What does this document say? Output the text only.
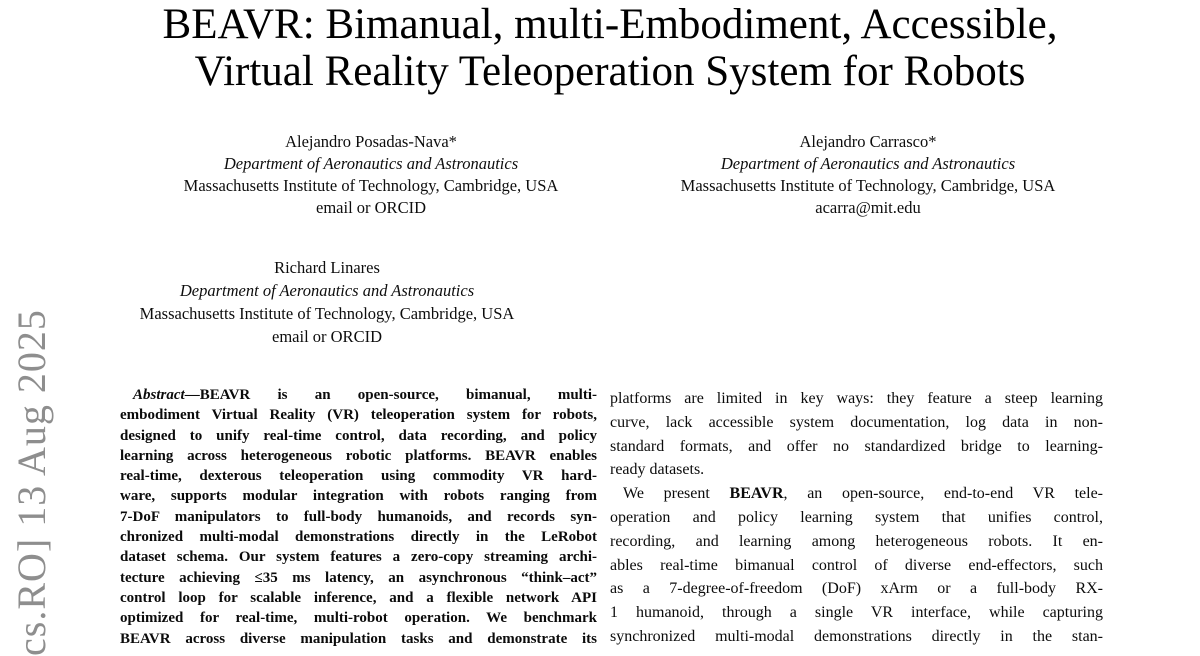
cs.RO] 13 Aug 2025
BEAVR: Bimanual, multi-Embodiment, Accessible,
Virtual Reality Teleoperation System for Robots
Alejandro Posadas-Nava*
Department of Aeronautics and Astronautics
Massachusetts Institute of Technology, Cambridge, USA
email or ORCID
Alejandro Carrasco*
Department of Aeronautics and Astronautics
Massachusetts Institute of Technology, Cambridge, USA
acarra@mit.edu
Richard Linares
Department of Aeronautics and Astronautics
Massachusetts Institute of Technology, Cambridge, USA
email or ORCID
Abstract—BEAVR is an open-source, bimanual, multi-
embodiment Virtual Reality (VR) teleoperation system for robots,
designed to unify real-time control, data recording, and policy
learning across heterogeneous robotic platforms. BEAVR enables
real-time, dexterous teleoperation using commodity VR hard-
ware, supports modular integration with robots ranging from
7-DoF manipulators to full-body humanoids, and records syn-
chronized multi-modal demonstrations directly in the LeRobot
dataset schema. Our system features a zero-copy streaming archi-
tecture achieving ≤35 ms latency, an asynchronous “think–act”
control loop for scalable inference, and a flexible network API
optimized for real-time, multi-robot operation. We benchmark
BEAVR across diverse manipulation tasks and demonstrate its
platforms are limited in key ways: they feature a steep learning
curve, lack accessible system documentation, log data in non-
standard formats, and offer no standardized bridge to learning-
ready datasets.
We present BEAVR, an open-source, end-to-end VR tele-
operation and policy learning system that unifies control,
recording, and learning among heterogeneous robots. It en-
ables real-time bimanual control of diverse end-effectors, such
as a 7-degree-of-freedom (DoF) xArm or a full-body RX-
1 humanoid, through a single VR interface, while capturing
synchronized multi-modal demonstrations directly in the stan-
